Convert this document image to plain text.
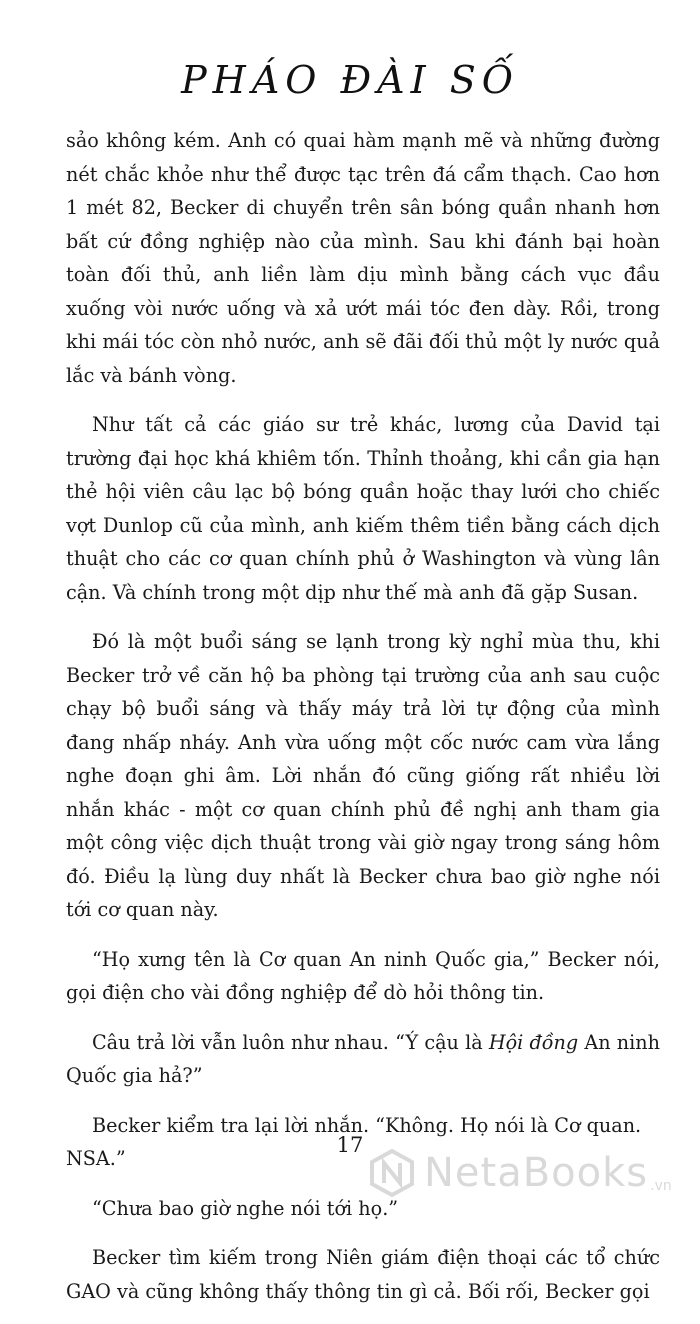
PHÁO ĐÀI SỐ

sảo không kém. Anh có quai hàm mạnh mẽ và những đường nét chắc khỏe như thể được tạc trên đá cẩm thạch. Cao hơn 1 mét 82, Becker di chuyển trên sân bóng quần nhanh hơn bất cứ đồng nghiệp nào của mình. Sau khi đánh bại hoàn toàn đối thủ, anh liền làm dịu mình bằng cách vục đầu xuống vòi nước uống và xả ướt mái tóc đen dày. Rồi, trong khi mái tóc còn nhỏ nước, anh sẽ đãi đối thủ một ly nước quả lắc và bánh vòng.

Như tất cả các giáo sư trẻ khác, lương của David tại trường đại học khá khiêm tốn. Thỉnh thoảng, khi cần gia hạn thẻ hội viên câu lạc bộ bóng quần hoặc thay lưới cho chiếc vợt Dunlop cũ của mình, anh kiếm thêm tiền bằng cách dịch thuật cho các cơ quan chính phủ ở Washington và vùng lân cận. Và chính trong một dịp như thế mà anh đã gặp Susan.

Đó là một buổi sáng se lạnh trong kỳ nghỉ mùa thu, khi Becker trở về căn hộ ba phòng tại trường của anh sau cuộc chạy bộ buổi sáng và thấy máy trả lời tự động của mình đang nhấp nháy. Anh vừa uống một cốc nước cam vừa lắng nghe đoạn ghi âm. Lời nhắn đó cũng giống rất nhiều lời nhắn khác - một cơ quan chính phủ đề nghị anh tham gia một công việc dịch thuật trong vài giờ ngay trong sáng hôm đó. Điều lạ lùng duy nhất là Becker chưa bao giờ nghe nói tới cơ quan này.

“Họ xưng tên là Cơ quan An ninh Quốc gia,” Becker nói, gọi điện cho vài đồng nghiệp để dò hỏi thông tin.

Câu trả lời vẫn luôn như nhau. “Ý cậu là Hội đồng An ninh Quốc gia hả?”

Becker kiểm tra lại lời nhắn. “Không. Họ nói là Cơ quan. NSA.”

“Chưa bao giờ nghe nói tới họ.”

Becker tìm kiếm trong Niên giám điện thoại các tổ chức GAO và cũng không thấy thông tin gì cả. Bối rối, Becker gọi

17
NetaBooks .vn
